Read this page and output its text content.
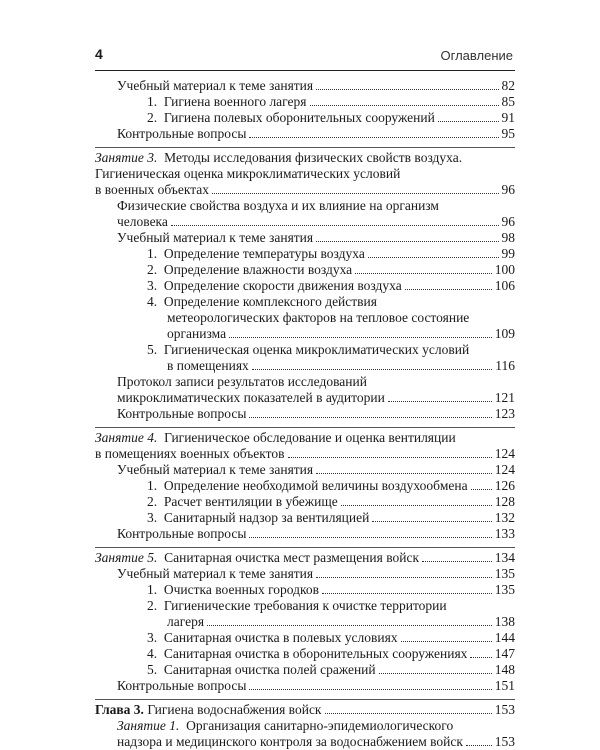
4	Оглавление
Учебный материал к теме занятия	82
1. Гигиена военного лагеря	85
2. Гигиена полевых оборонительных сооружений	91
Контрольные вопросы	95
Занятие 3. Методы исследования физических свойств воздуха.
Гигиеническая оценка микроклиматических условий
в военных объектах	96
Физические свойства воздуха и их влияние на организм
человека	96
Учебный материал к теме занятия	98
1. Определение температуры воздуха	99
2. Определение влажности воздуха	100
3. Определение скорости движения воздуха	106
4. Определение комплексного действия
метеорологических факторов на тепловое состояние
организма	109
5. Гигиеническая оценка микроклиматических условий
в помещениях	116
Протокол записи результатов исследований
микроклиматических показателей в аудитории	121
Контрольные вопросы	123
Занятие 4. Гигиеническое обследование и оценка вентиляции
в помещениях военных объектов	124
Учебный материал к теме занятия	124
1. Определение необходимой величины воздухообмена 126
2. Расчет вентиляции в убежище	128
3. Санитарный надзор за вентиляцией	132
Контрольные вопросы	133
Занятие 5. Санитарная очистка мест размещения войск	134
Учебный материал к теме занятия	135
1. Очистка военных городков	135
2. Гигиенические требования к очистке территории
лагеря	138
3. Санитарная очистка в полевых условиях	144
4. Санитарная очистка в оборонительных сооружениях 147
5. Санитарная очистка полей сражений	148
Контрольные вопросы	151
Глава 3. Гигиена водоснабжения войск	153
Занятие 1. Организация санитарно-эпидемиологического
надзора и медицинского контроля за водоснабжением войск 153
